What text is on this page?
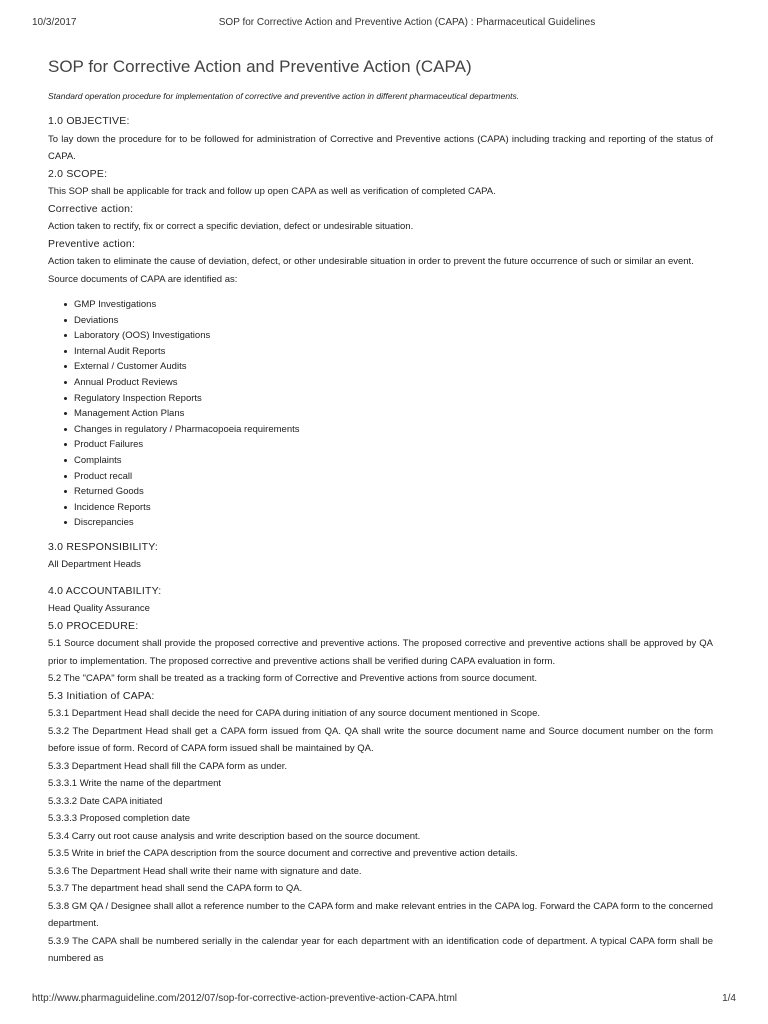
10/3/2017	SOP for Corrective Action and Preventive Action (CAPA) : Pharmaceutical Guidelines
SOP for Corrective Action and Preventive Action (CAPA)
Standard operation procedure for implementation of corrective and preventive action in different pharmaceutical departments.
1.0 OBJECTIVE:

To lay down the procedure for to be followed for administration of Corrective and Preventive actions (CAPA) including tracking and reporting of the status of CAPA.

2.0 SCOPE:

This SOP shall be applicable for track and follow up open CAPA as well as verification of completed CAPA.

Corrective action:

Action taken to rectify, fix or correct a specific deviation, defect or undesirable situation.

Preventive action:

Action taken to eliminate the cause of deviation, defect, or other undesirable situation in order to prevent the future occurrence of such or similar an event.

Source documents of CAPA are identified as:

GMP Investigations
Deviations
Laboratory (OOS) Investigations
Internal Audit Reports
External / Customer Audits
Annual Product Reviews
Regulatory Inspection Reports
Management Action Plans
Changes in regulatory / Pharmacopoeia requirements
Product Failures
Complaints
Product recall
Returned Goods
Incidence Reports
Discrepancies
3.0 RESPONSIBILITY:

All Department Heads

4.0 ACCOUNTABILITY:

Head Quality Assurance

5.0 PROCEDURE:

5.1 Source document shall provide the proposed corrective and preventive actions. The proposed corrective and preventive actions shall be approved by QA prior to implementation. The proposed corrective and preventive actions shall be verified during CAPA evaluation in form.

5.2 The "CAPA" form shall be treated as a tracking form of Corrective and Preventive actions from source document.

5.3 Initiation of CAPA:

5.3.1 Department Head shall decide the need for CAPA during initiation of any source document mentioned in Scope.

5.3.2 The Department Head shall get a CAPA form issued from QA. QA shall write the source document name and Source document number on the form before issue of form. Record of CAPA form issued shall be maintained by QA.

5.3.3 Department Head shall fill the CAPA form as under.

5.3.3.1 Write the name of the department

5.3.3.2 Date CAPA initiated

5.3.3.3 Proposed completion date

5.3.4 Carry out root cause analysis and write description based on the source document.

5.3.5 Write in brief the CAPA description from the source document and corrective and preventive action details.

5.3.6 The Department Head shall write their name with signature and date.

5.3.7 The department head shall send the CAPA form to QA.

5.3.8 GM QA / Designee shall allot a reference number to the CAPA form and make relevant entries in the CAPA log. Forward the CAPA form to the concerned department.

5.3.9 The CAPA shall be numbered serially in the calendar year for each department with an identification code of department. A typical CAPA form shall be numbered as

http://www.pharmaguideline.com/2012/07/sop-for-corrective-action-preventive-action-CAPA.html	1/4
